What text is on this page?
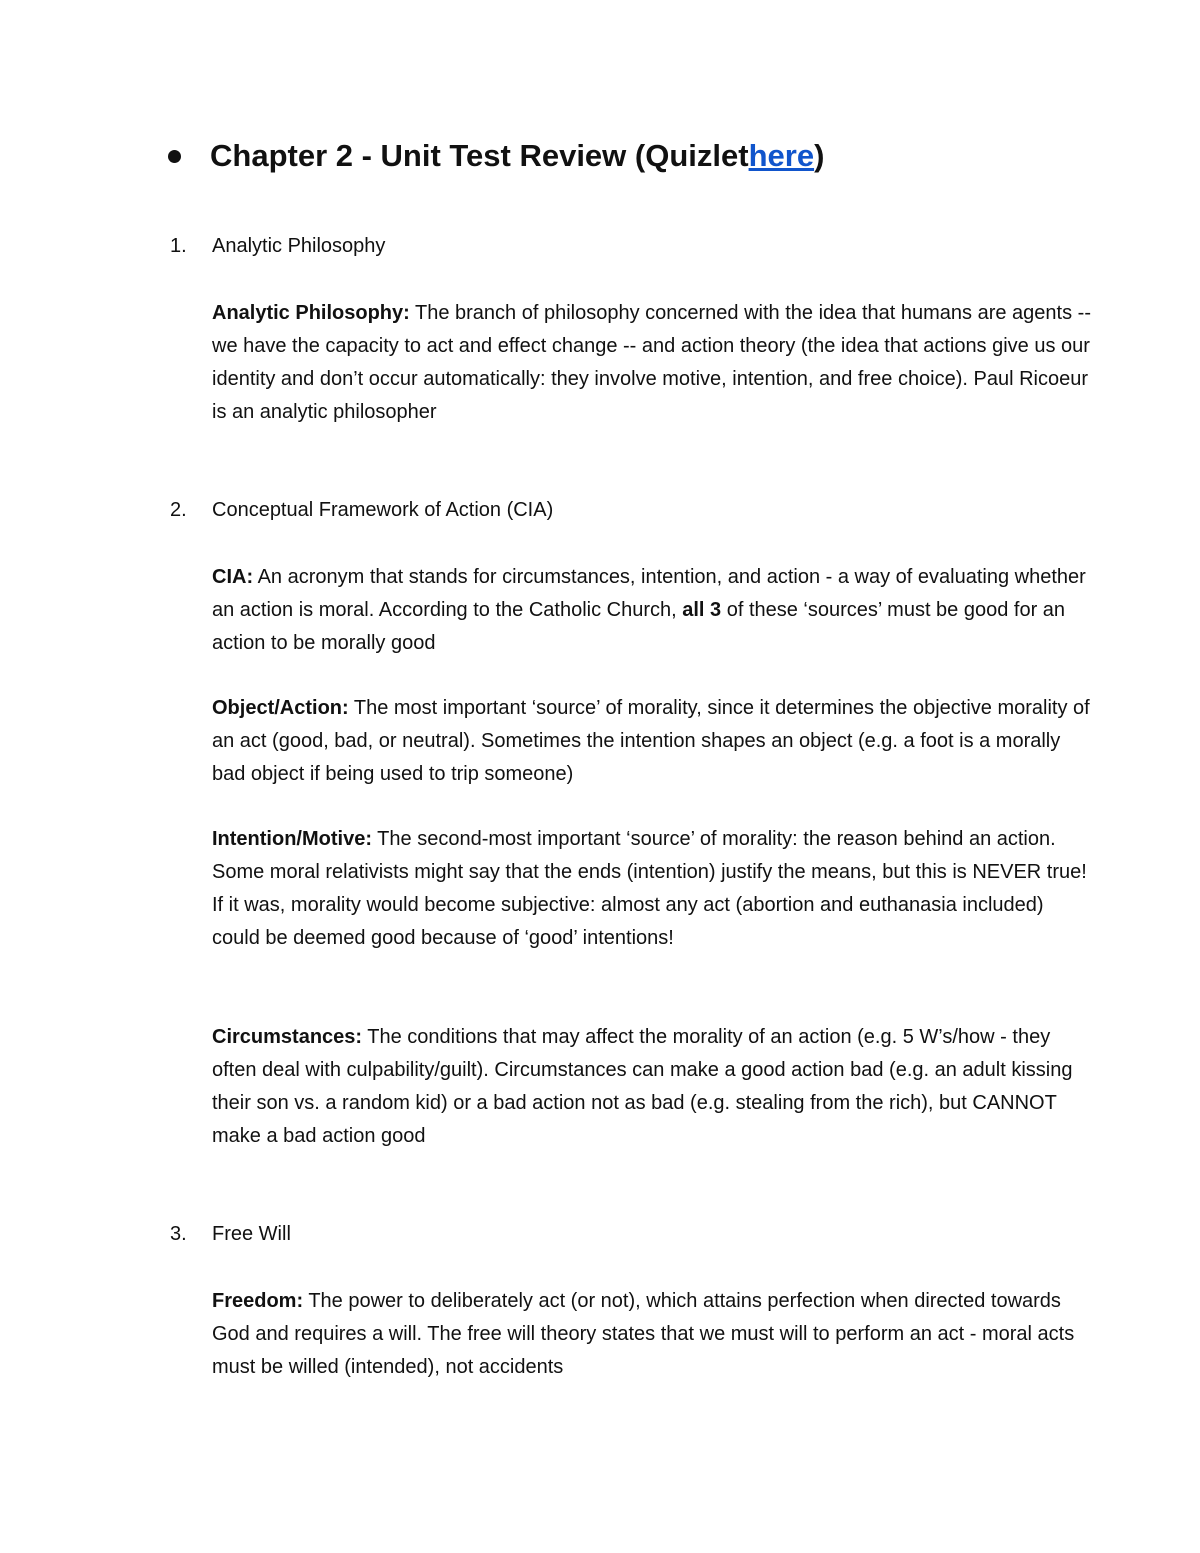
Chapter 2 - Unit Test Review (Quizlet here )
1. Analytic Philosophy

Analytic Philosophy: The branch of philosophy concerned with the idea that humans are agents -- we have the capacity to act and effect change -- and action theory (the idea that actions give us our identity and don’t occur automatically: they involve motive, intention, and free choice). Paul Ricoeur is an analytic philosopher

2. Conceptual Framework of Action (CIA)

CIA: An acronym that stands for circumstances, intention, and action - a way of evaluating whether an action is moral. According to the Catholic Church, all 3 of these ‘sources’ must be good for an action to be morally good

Object/Action: The most important ‘source’ of morality, since it determines the objective morality of an act (good, bad, or neutral). Sometimes the intention shapes an object (e.g. a foot is a morally bad object if being used to trip someone)

Intention/Motive: The second-most important ‘source’ of morality: the reason behind an action. Some moral relativists might say that the ends (intention) justify the means, but this is NEVER true! If it was, morality would become subjective: almost any act (abortion and euthanasia included) could be deemed good because of ‘good’ intentions!

Circumstances: The conditions that may affect the morality of an action (e.g. 5 W’s/how - they often deal with culpability/guilt). Circumstances can make a good action bad (e.g. an adult kissing their son vs. a random kid) or a bad action not as bad (e.g. stealing from the rich), but CANNOT make a bad action good

3. Free Will

Freedom: The power to deliberately act (or not), which attains perfection when directed towards God and requires a will. The free will theory states that we must will to perform an act - moral acts must be willed (intended), not accidents
